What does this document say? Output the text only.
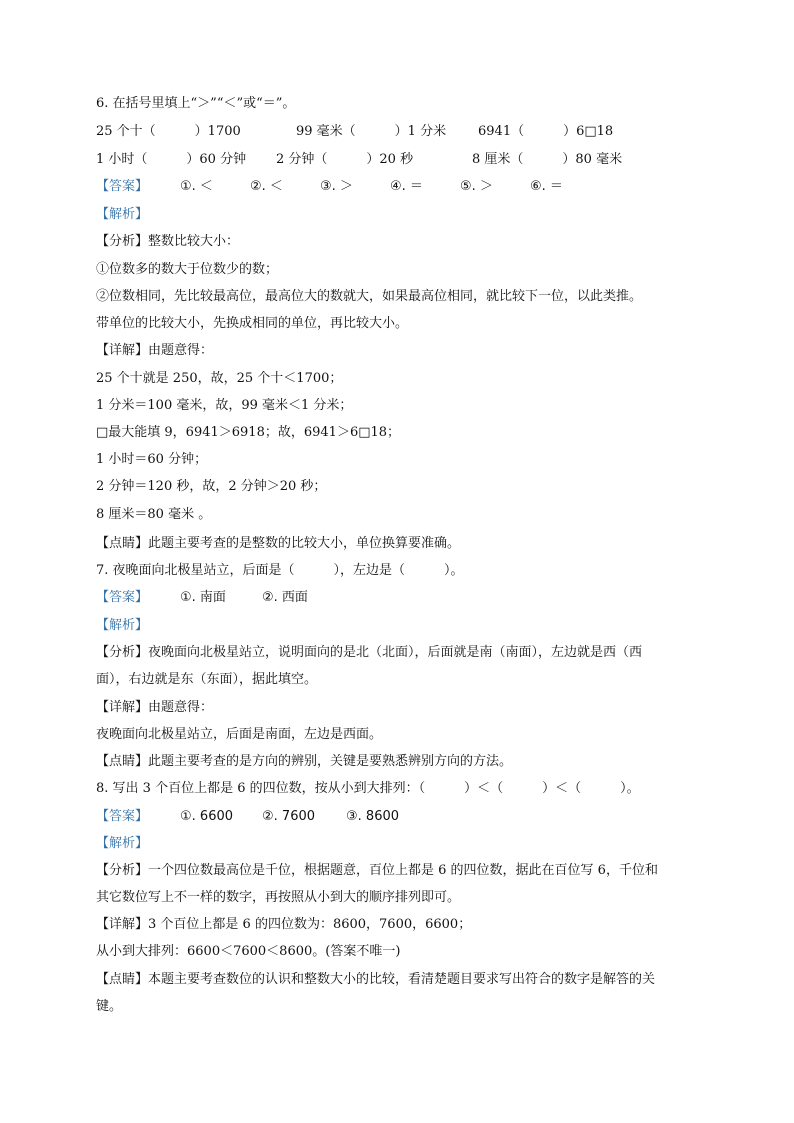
6. 在括号里填上“＞”“＜”或“＝”。
25 个十（　　　）1700	99 毫米（　　　）1 分米 6941（　　　）6□18
1 小时（　　　）60 分钟 2 分钟（　　　）20 秒	8 厘米（　　　）80 毫米
【答案】 ①. ＜	②. ＜	③. ＞	④. ＝	⑤. ＞	⑥. ＝
【解析】
【分析】整数比较大小：
①位数多的数大于位数少的数；
②位数相同，先比较最高位，最高位大的数就大，如果最高位相同，就比较下一位，以此类推。
带单位的比较大小，先换成相同的单位，再比较大小。
【详解】由题意得：
25 个十就是 250，故，25 个十＜1700；
1 分米＝100 毫米，故，99 毫米＜1 分米；
□最大能填 9，6941＞6918；故，6941＞6□18；
1 小时＝60 分钟；
2 分钟＝120 秒，故，2 分钟＞20 秒；
8 厘米＝80 毫米 。
【点睛】此题主要考查的是整数的比较大小，单位换算要准确。
7. 夜晚面向北极星站立，后面是（　　　），左边是（　　　）。
【答案】 ①. 南面	②. 西面
【解析】
【分析】夜晚面向北极星站立，说明面向的是北（北面），后面就是南（南面），左边就是西（西
面），右边就是东（东面），据此填空。
【详解】由题意得：
夜晚面向北极星站立，后面是南面，左边是西面。
【点睛】此题主要考查的是方向的辨别，关键是要熟悉辨别方向的方法。
8. 写出 3 个百位上都是 6 的四位数，按从小到大排列：（　　　）＜（　　　）＜（　　　）。
【答案】 ①. 6600 ②. 7600 ③. 8600
【解析】
【分析】一个四位数最高位是千位，根据题意，百位上都是 6 的四位数，据此在百位写 6，千位和
其它数位写上不一样的数字，再按照从小到大的顺序排列即可。
【详解】3 个百位上都是 6 的四位数为：8600，7600，6600；
从小到大排列：6600＜7600＜8600。(答案不唯一)
【点睛】本题主要考查数位的认识和整数大小的比较，看清楚题目要求写出符合的数字是解答的关
键。
